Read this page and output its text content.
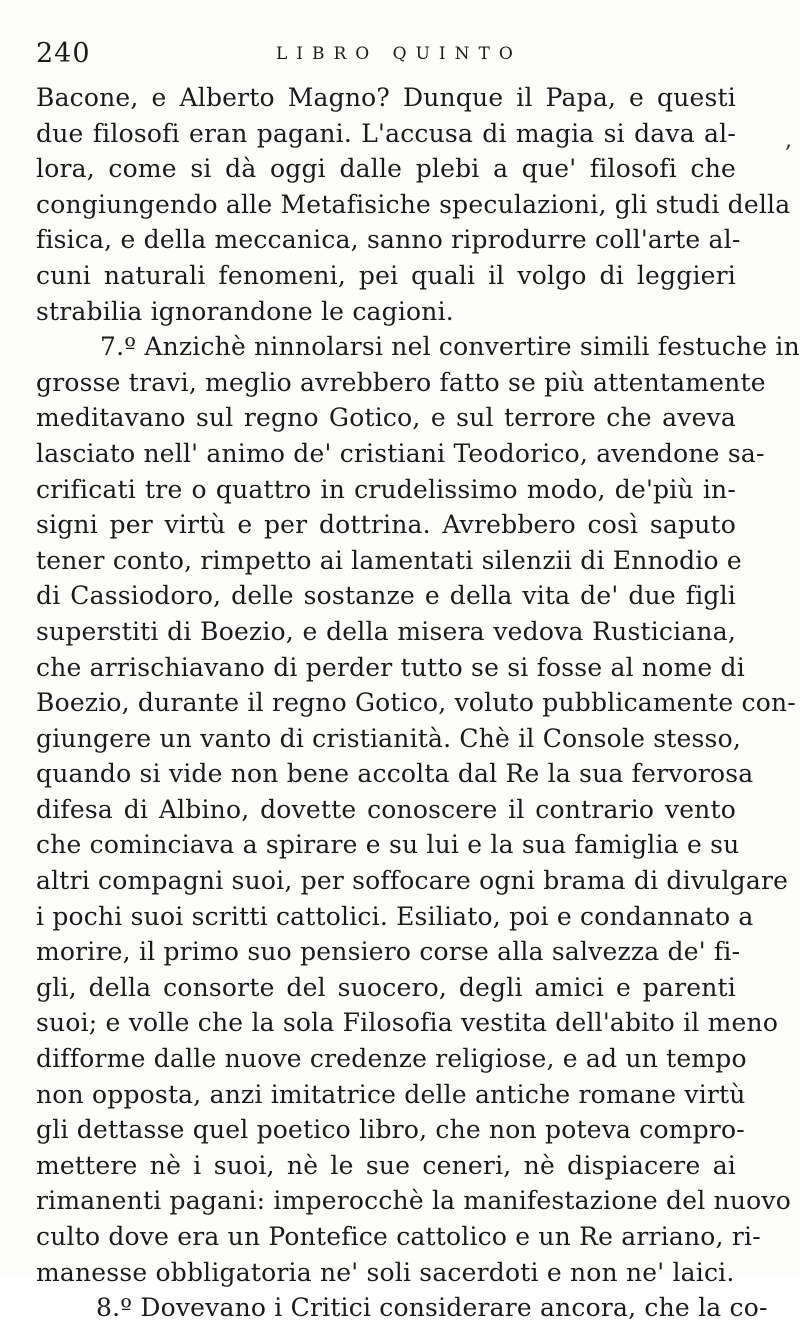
240	LIBRO QUINTO
,
Bacone, e Alberto Magno? Dunque il Papa, e questi
due filosofi eran pagani. L'accusa di magia si dava al-
lora, come si dà oggi dalle plebi a que' filosofi che
congiungendo alle Metafisiche speculazioni, gli studi della
fisica, e della meccanica, sanno riprodurre coll'arte al-
cuni naturali fenomeni, pei quali il volgo di leggieri
strabilia ignorandone le cagioni.
7.º Anzichè ninnolarsi nel convertire simili festuche in
grosse travi, meglio avrebbero fatto se più attentamente
meditavano sul regno Gotico, e sul terrore che aveva
lasciato nell' animo de' cristiani Teodorico, avendone sa-
crificati tre o quattro in crudelissimo modo, de'più in-
signi per virtù e per dottrina. Avrebbero così saputo
tener conto, rimpetto ai lamentati silenzii di Ennodio e
di Cassiodoro, delle sostanze e della vita de' due figli
superstiti di Boezio, e della misera vedova Rusticiana,
che arrischiavano di perder tutto se si fosse al nome di
Boezio, durante il regno Gotico, voluto pubblicamente con-
giungere un vanto di cristianità. Chè il Console stesso,
quando si vide non bene accolta dal Re la sua fervorosa
difesa di Albino, dovette conoscere il contrario vento
che cominciava a spirare e su lui e la sua famiglia e su
altri compagni suoi, per soffocare ogni brama di divulgare
i pochi suoi scritti cattolici. Esiliato, poi e condannato a
morire, il primo suo pensiero corse alla salvezza de' fi-
gli, della consorte del suocero, degli amici e parenti
suoi; e volle che la sola Filosofia vestita dell'abito il meno
difforme dalle nuove credenze religiose, e ad un tempo
non opposta, anzi imitatrice delle antiche romane virtù
gli dettasse quel poetico libro, che non poteva compro-
mettere nè i suoi, nè le sue ceneri, nè dispiacere ai
rimanenti pagani: imperocchè la manifestazione del nuovo
culto dove era un Pontefice cattolico e un Re arriano, ri-
manesse obbligatoria ne' soli sacerdoti e non ne' laici.
8.º Dovevano i Critici considerare ancora, che la co-
